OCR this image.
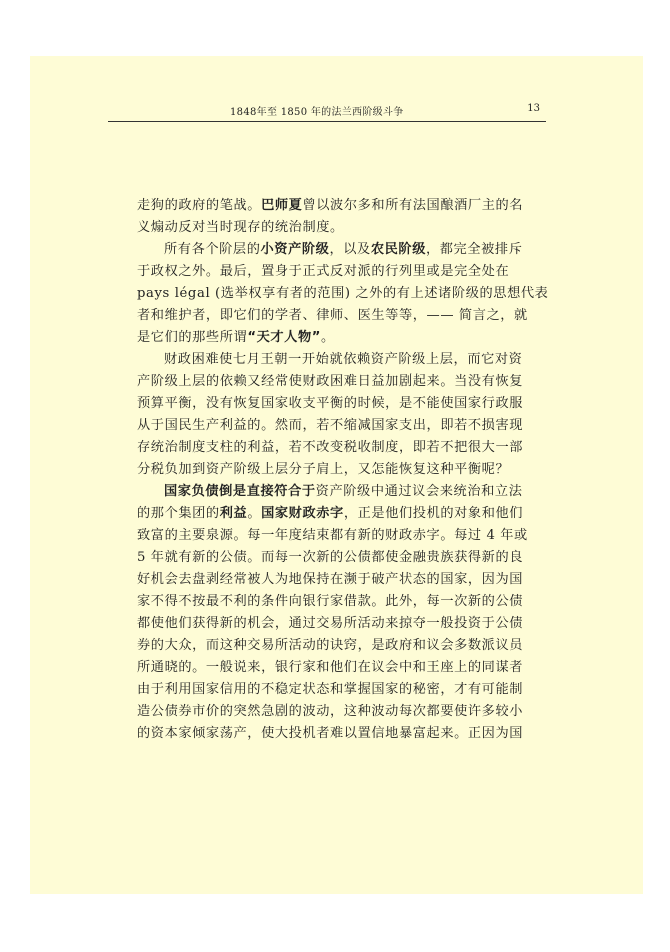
1848年至 1850 年的法兰西阶级斗争	13
走狗的政府的笔战。巴师夏曾以波尔多和所有法国酿酒厂主的名
义煽动反对当时现存的统治制度。
所有各个阶层的小资产阶级，以及农民阶级，都完全被排斥
于政权之外。最后，置身于正式反对派的行列里或是完全处在
pays légal (选举权享有者的范围) 之外的有上述诸阶级的思想代表
者和维护者，即它们的学者、律师、医生等等，—— 简言之，就
是它们的那些所谓“天才人物”。
财政困难使七月王朝一开始就依赖资产阶级上层，而它对资
产阶级上层的依赖又经常使财政困难日益加剧起来。当没有恢复
预算平衡，没有恢复国家收支平衡的时候，是不能使国家行政服
从于国民生产利益的。然而，若不缩减国家支出，即若不损害现
存统治制度支柱的利益，若不改变税收制度，即若不把很大一部
分税负加到资产阶级上层分子肩上，又怎能恢复这种平衡呢？
国家负债倒是直接符合于资产阶级中通过议会来统治和立法
的那个集团的利益。国家财政赤字，正是他们投机的对象和他们
致富的主要泉源。每一年度结束都有新的财政赤字。每过 4 年或
5 年就有新的公债。而每一次新的公债都使金融贵族获得新的良
好机会去盘剥经常被人为地保持在濒于破产状态的国家，因为国
家不得不按最不利的条件向银行家借款。此外，每一次新的公债
都使他们获得新的机会，通过交易所活动来掠夺一般投资于公债
券的大众，而这种交易所活动的诀窍，是政府和议会多数派议员
所通晓的。一般说来，银行家和他们在议会中和王座上的同谋者
由于利用国家信用的不稳定状态和掌握国家的秘密，才有可能制
造公债券市价的突然急剧的波动，这种波动每次都要使许多较小
的资本家倾家荡产，使大投机者难以置信地暴富起来。正因为国
